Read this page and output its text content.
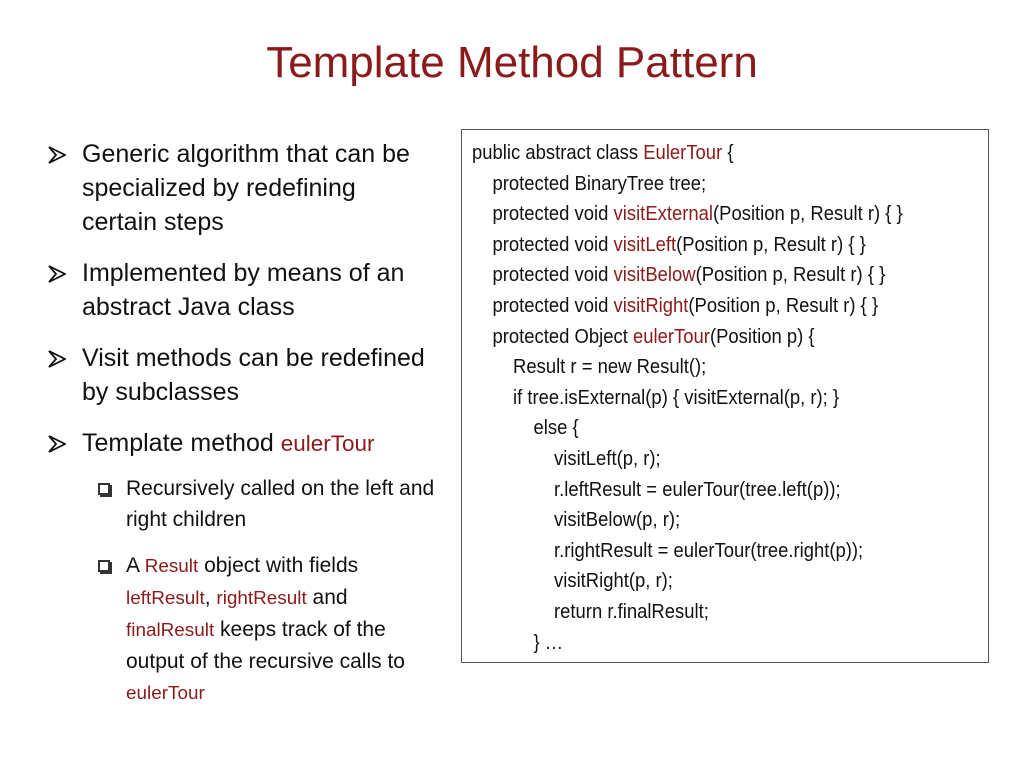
Template Method Pattern
Generic algorithm that can be specialized by redefining certain steps
Implemented by means of an abstract Java class
Visit methods can be redefined by subclasses
Template method eulerTour
Recursively called on the left and right children
A Result object with fields leftResult, rightResult and finalResult keeps track of the output of the recursive calls to eulerTour
public abstract class EulerTour {
protected BinaryTree tree;
protected void visitExternal(Position p, Result r) { }
protected void visitLeft(Position p, Result r) { }
protected void visitBelow(Position p, Result r) { }
protected void visitRight(Position p, Result r) { }
protected Object eulerTour(Position p) {
Result r = new Result();
if tree.isExternal(p) { visitExternal(p, r); }
else {
visitLeft(p, r);
r.leftResult = eulerTour(tree.left(p));
visitBelow(p, r);
r.rightResult = eulerTour(tree.right(p));
visitRight(p, r);
return r.finalResult;
} …
